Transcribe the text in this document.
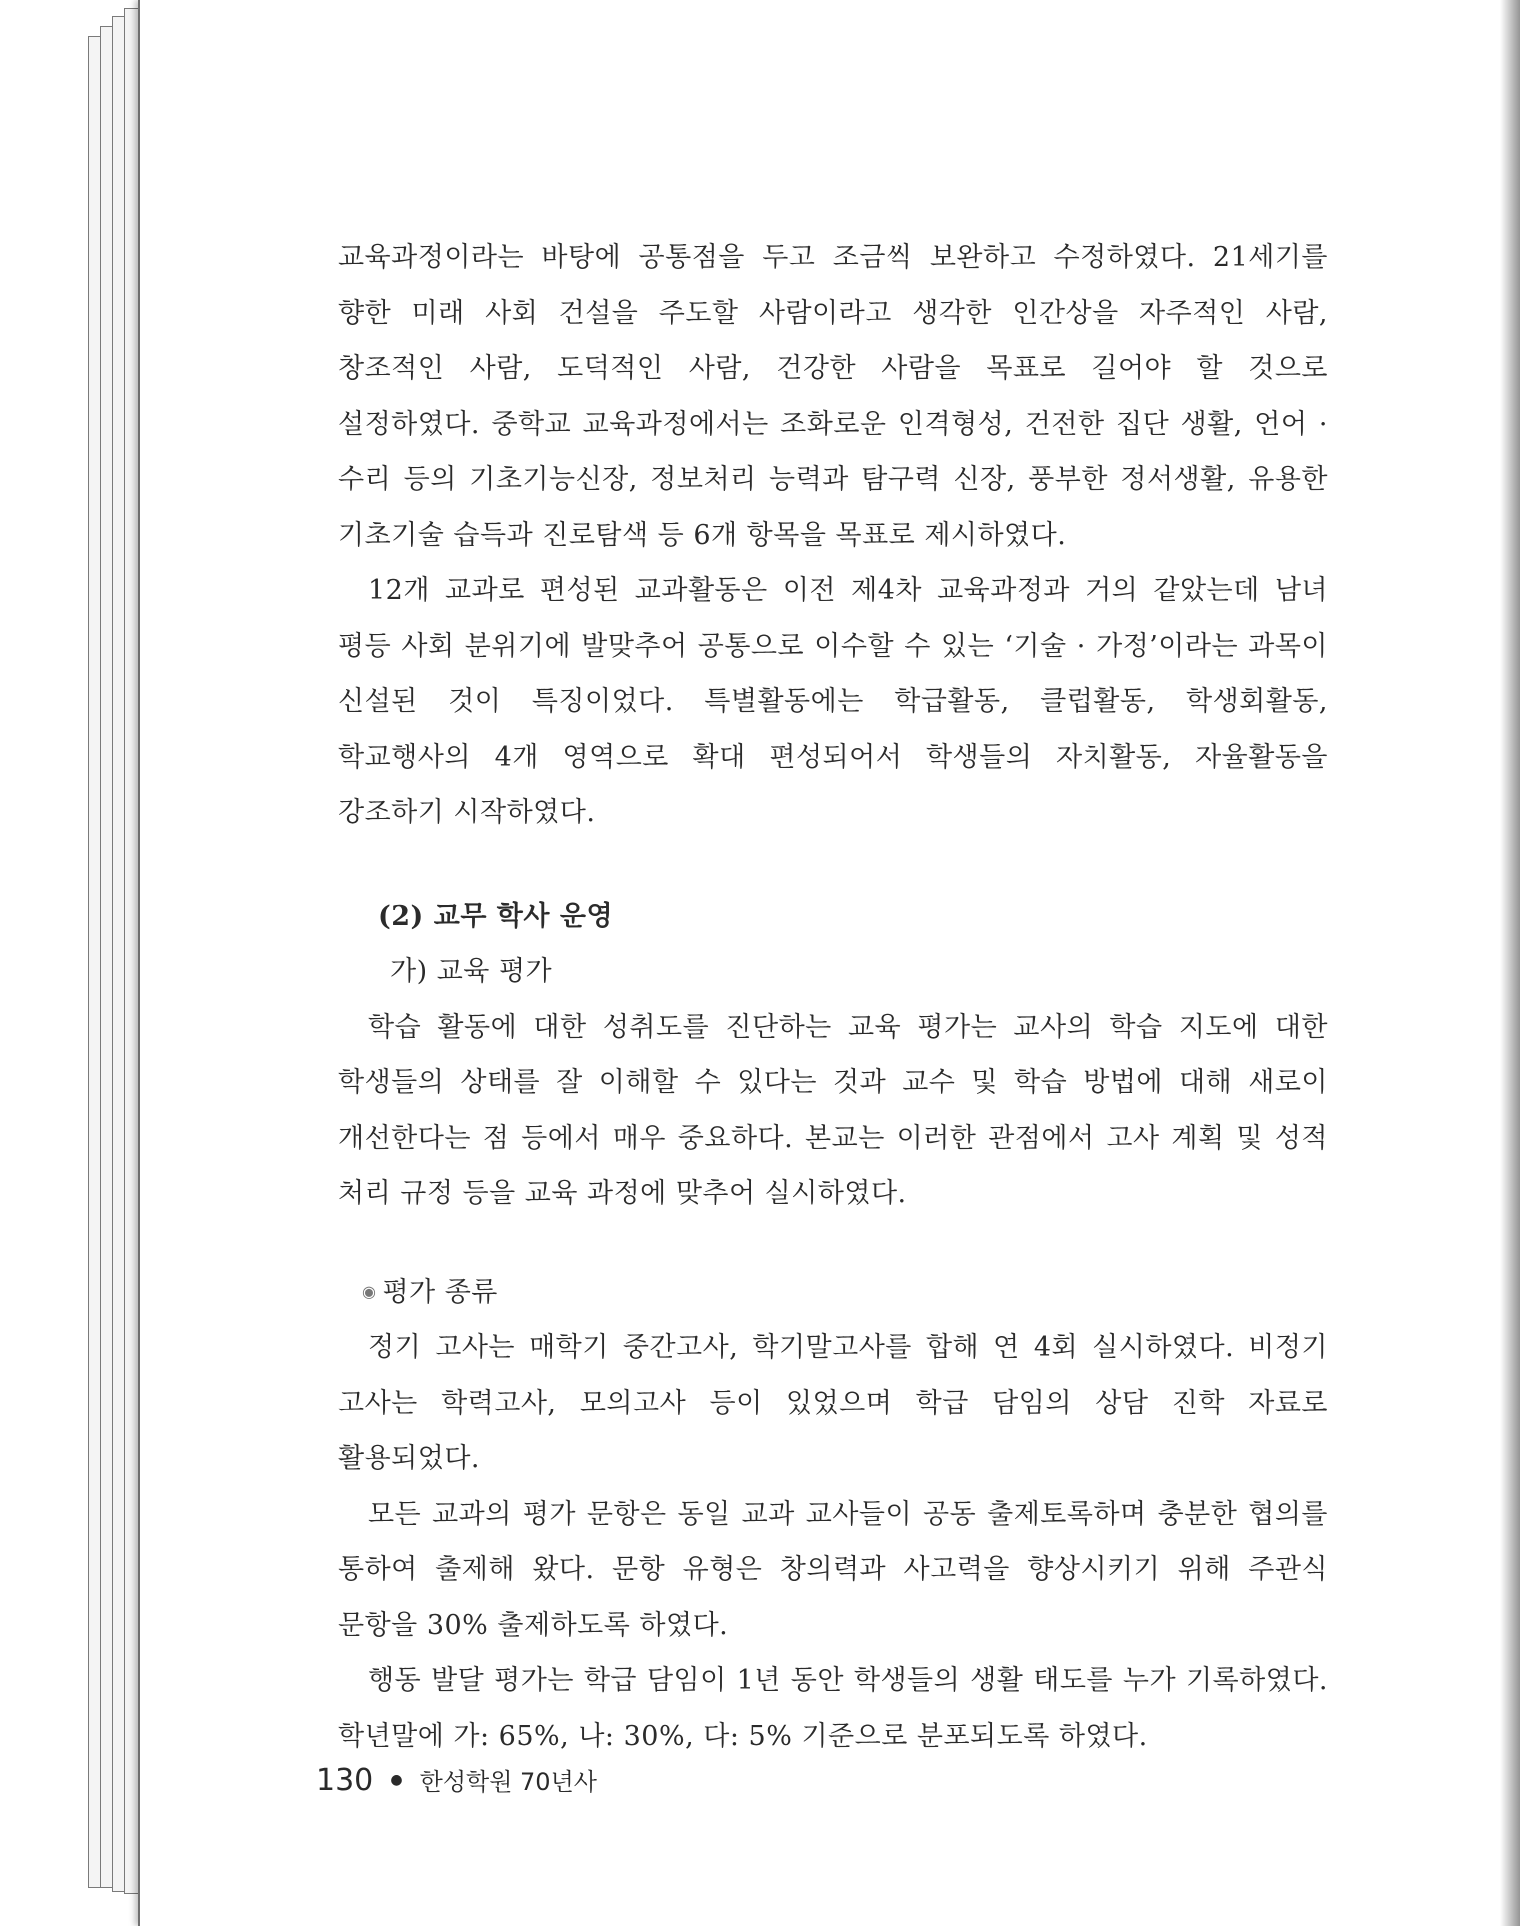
교육과정이라는 바탕에 공통점을 두고 조금씩 보완하고 수정하였다. 21세기를 향한 미래 사회 건설을 주도할 사람이라고 생각한 인간상을 자주적인 사람, 창조적인 사람, 도덕적인 사람, 건강한 사람을 목표로 길어야 할 것으로 설정하였다. 중학교 교육과정에서는 조화로운 인격형성, 건전한 집단 생활, 언어 · 수리 등의 기초기능신장, 정보처리 능력과 탐구력 신장, 풍부한 정서생활, 유용한 기초기술 습득과 진로탐색 등 6개 항목을 목표로 제시하였다.

12개 교과로 편성된 교과활동은 이전 제4차 교육과정과 거의 같았는데 남녀 평등 사회 분위기에 발맞추어 공통으로 이수할 수 있는 ‘기술 · 가정’이라는 과목이 신설된 것이 특징이었다. 특별활동에는 학급활동, 클럽활동, 학생회활동, 학교행사의 4개 영역으로 확대 편성되어서 학생들의 자치활동, 자율활동을 강조하기 시작하였다.

(2) 교무 학사 운영

가) 교육 평가

학습 활동에 대한 성취도를 진단하는 교육 평가는 교사의 학습 지도에 대한 학생들의 상태를 잘 이해할 수 있다는 것과 교수 및 학습 방법에 대해 새로이 개선한다는 점 등에서 매우 중요하다. 본교는 이러한 관점에서 고사 계획 및 성적 처리 규정 등을 교육 과정에 맞추어 실시하였다.

◉ 평가 종류

정기 고사는 매학기 중간고사, 학기말고사를 합해 연 4회 실시하였다. 비정기 고사는 학력고사, 모의고사 등이 있었으며 학급 담임의 상담 진학 자료로 활용되었다.

모든 교과의 평가 문항은 동일 교과 교사들이 공동 출제토록하며 충분한 협의를 통하여 출제해 왔다. 문항 유형은 창의력과 사고력을 향상시키기 위해 주관식 문항을 30% 출제하도록 하였다.

행동 발달 평가는 학급 담임이 1년 동안 학생들의 생활 태도를 누가 기록하였다. 학년말에 가: 65%, 나: 30%, 다: 5% 기준으로 분포되도록 하였다.

130 ● 한성학원 70년사
